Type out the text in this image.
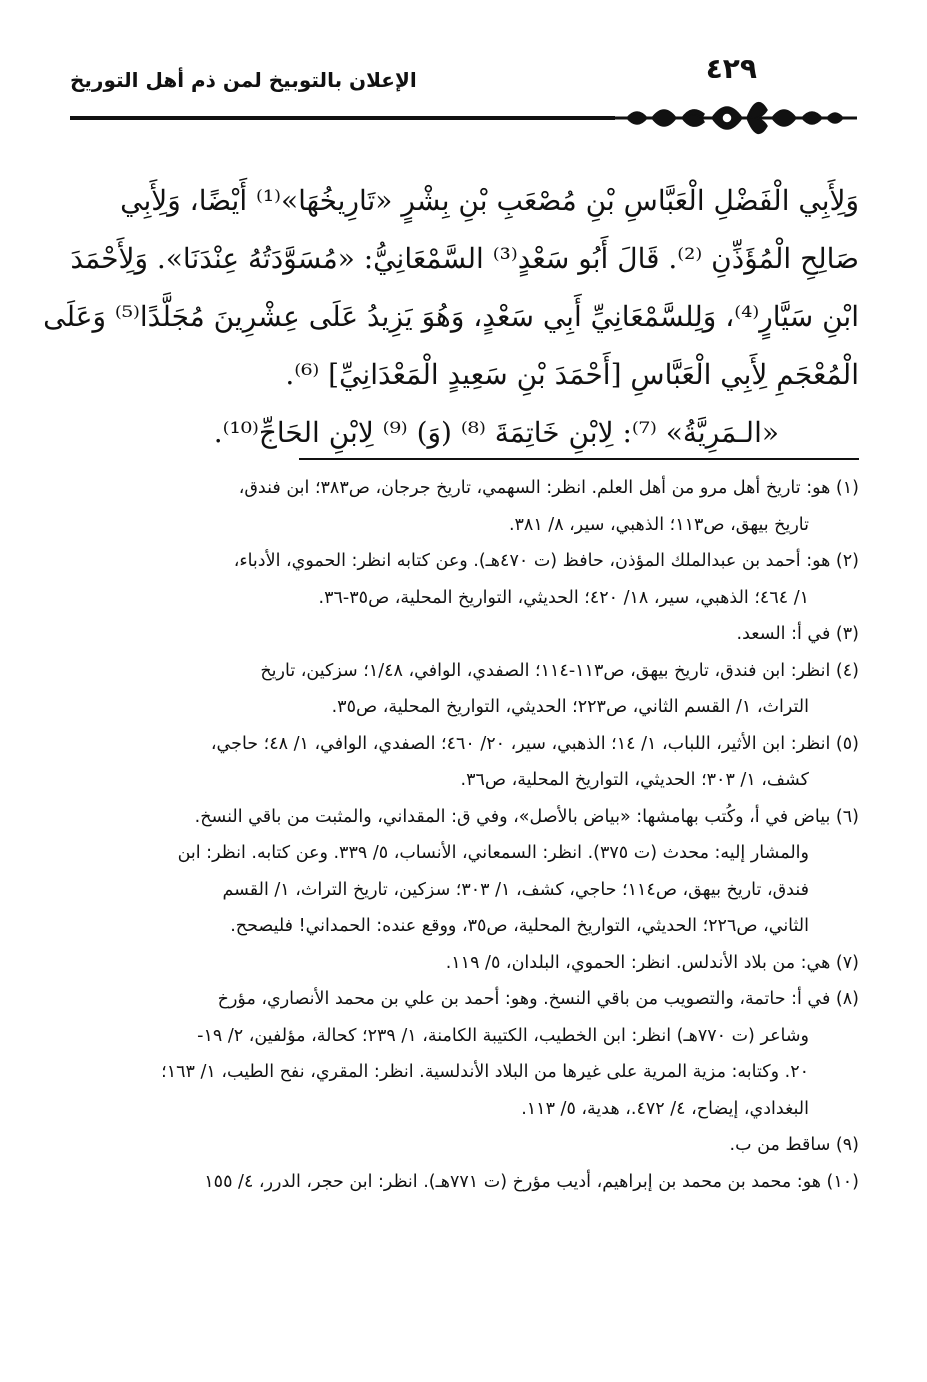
الإعلان بالتوبيخ لمن ذم أهل التوريخ	٤٢٩
وَلِأَبِي الْفَضْلِ الْعَبَّاسِ بْنِ مُصْعَبِ بْنِ بِشْرٍ «تَارِيخُهَا»⁽¹⁾ أَيْضًا، وَلِأَبِي
صَالِحِ الْمُؤَذِّنِ ⁽²⁾. قَالَ أَبُو سَعْدٍ⁽³⁾ السَّمْعَانِيُّ: «مُسَوَّدَتُهُ عِنْدَنَا». وَلِأَحْمَدَ
ابْنِ سَيَّارٍ⁽⁴⁾، وَلِلسَّمْعَانِيِّ أَبِي سَعْدٍ، وَهُوَ يَزِيدُ عَلَى عِشْرِينَ مُجَلَّدًا⁽⁵⁾ وَعَلَى
الْمُعْجَمِ لِأَبِي الْعَبَّاسِ [أَحْمَدَ بْنِ سَعِيدٍ الْمَعْدَانِيِّ] ⁽⁶⁾.
«الـمَرِيَّةُ» ⁽⁷⁾: لِابْنِ خَاتِمَةَ ⁽⁸⁾ (وَ) ⁽⁹⁾ لِابْنِ الحَاجِّ⁽¹⁰⁾.
(١) هو: تاريخ أهل مرو من أهل العلم. انظر: السهمي، تاريخ جرجان، ص٣٨٣؛ ابن فندق،
تاريخ بيهق، ص١١٣؛ الذهبي، سير، ٨/ ٣٨١.
(٢) هو: أحمد بن عبدالملك المؤذن، حافظ (ت ٤٧٠هـ). وعن كتابه انظر: الحموي، الأدباء،
١/ ٤٦٤؛ الذهبي، سير، ١٨/ ٤٢٠؛ الحديثي، التواريخ المحلية، ص٣٥-٣٦.
(٣) في أ: السعد.
(٤) انظر: ابن فندق، تاريخ بيهق، ص١١٣-١١٤؛ الصفدي، الوافي، ١/٤٨؛ سزكين، تاريخ
التراث، ١/ القسم الثاني، ص٢٢٣؛ الحديثي، التواريخ المحلية، ص٣٥.
(٥) انظر: ابن الأثير، اللباب، ١/ ١٤؛ الذهبي، سير، ٢٠/ ٤٦٠؛ الصفدي، الوافي، ١/ ٤٨؛ حاجي،
كشف، ١/ ٣٠٣؛ الحديثي، التواريخ المحلية، ص٣٦.
(٦) بياض في أ، وكُتب بهامشها: «بياض بالأصل»، وفي ق: المقداني، والمثبت من باقي النسخ.
والمشار إليه: محدث (ت ٣٧٥). انظر: السمعاني، الأنساب، ٥/ ٣٣٩. وعن كتابه. انظر: ابن
فندق، تاريخ بيهق، ص١١٤؛ حاجي، كشف، ١/ ٣٠٣؛ سزكين، تاريخ التراث، ١/ القسم
الثاني، ص٢٢٦؛ الحديثي، التواريخ المحلية، ص٣٥، ووقع عنده: الحمداني! فليصحح.
(٧) هي: من بلاد الأندلس. انظر: الحموي، البلدان، ٥/ ١١٩.
(٨) في أ: حاتمة، والتصويب من باقي النسخ. وهو: أحمد بن علي بن محمد الأنصاري، مؤرخ
وشاعر (ت ٧٧٠هـ) انظر: ابن الخطيب، الكتيبة الكامنة، ١/ ٢٣٩؛ كحالة، مؤلفين، ٢/ ١٩-
٢٠. وكتابه: مزية المرية على غيرها من البلاد الأندلسية. انظر: المقري، نفح الطيب، ١/ ١٦٣؛
البغدادي، إيضاح، ٤/ ٤٧٢.، هدية، ٥/ ١١٣.
(٩) ساقط من ب.
(١٠) هو: محمد بن محمد بن إبراهيم، أديب مؤرخ (ت ٧٧١هـ). انظر: ابن حجر، الدرر، ٤/ ١٥٥
